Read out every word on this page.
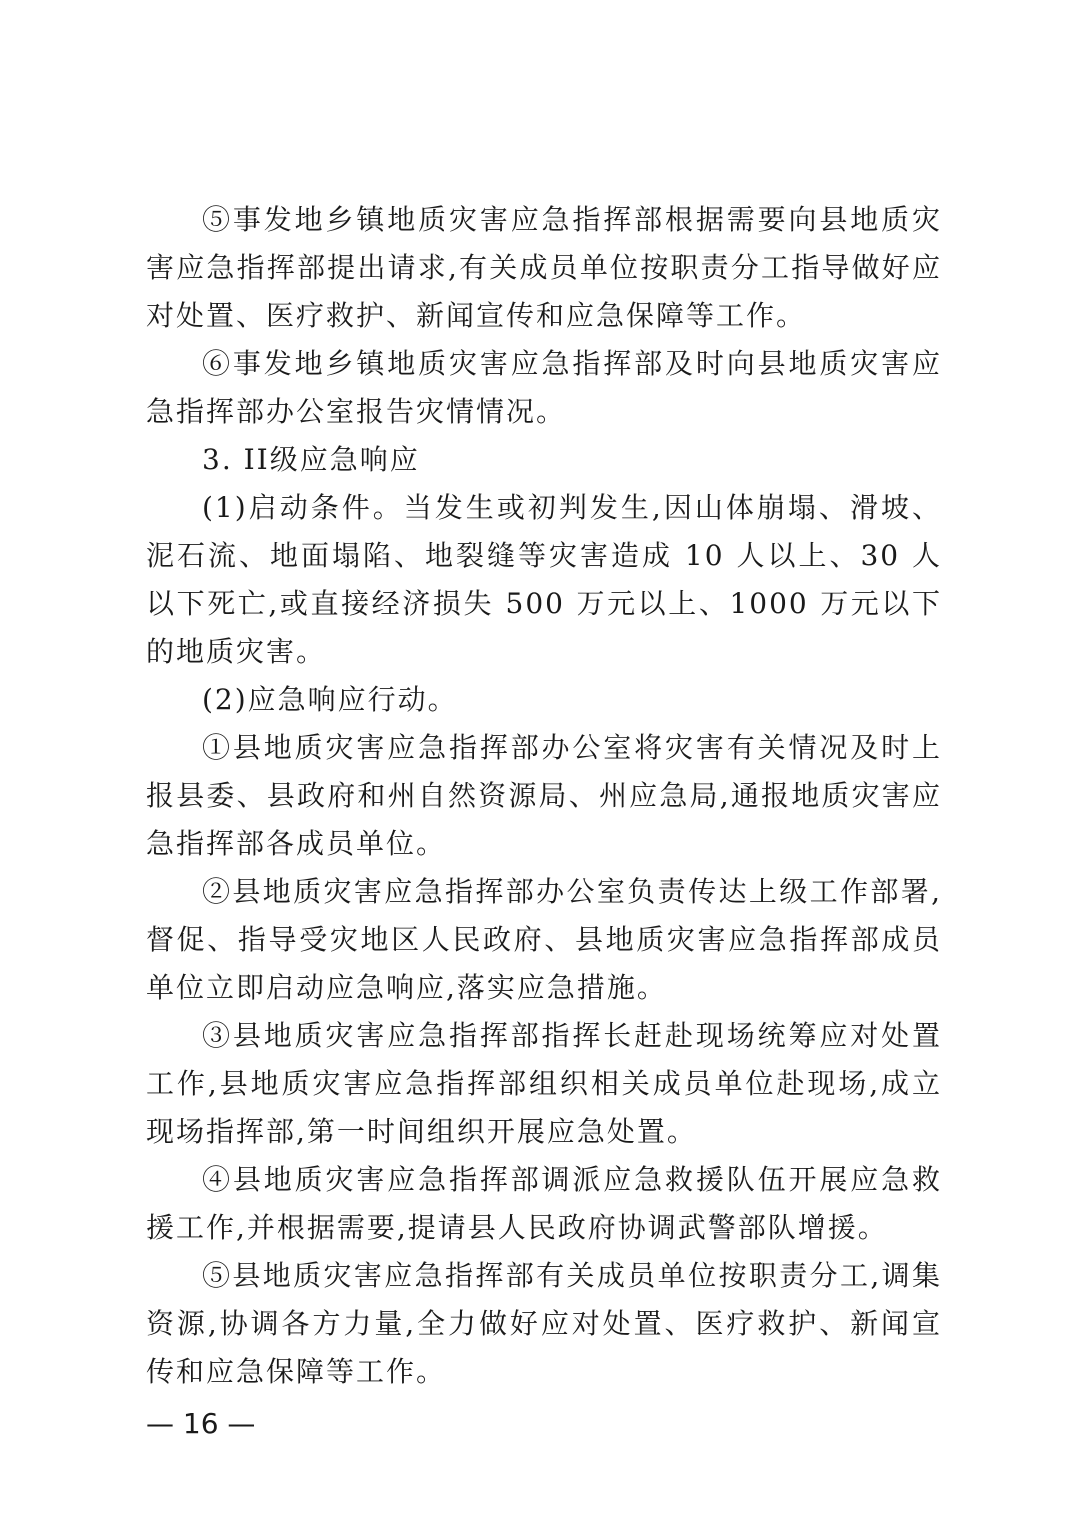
⑤事发地乡镇地质灾害应急指挥部根据需要向县地质灾害应急指挥部提出请求,有关成员单位按职责分工指导做好应对处置、医疗救护、新闻宣传和应急保障等工作。

⑥事发地乡镇地质灾害应急指挥部及时向县地质灾害应急指挥部办公室报告灾情情况。

3. II级应急响应

(1)启动条件。当发生或初判发生,因山体崩塌、滑坡、泥石流、地面塌陷、地裂缝等灾害造成 10 人以上、30 人以下死亡,或直接经济损失 500 万元以上、1000 万元以下的地质灾害。

(2)应急响应行动。

①县地质灾害应急指挥部办公室将灾害有关情况及时上报县委、县政府和州自然资源局、州应急局,通报地质灾害应急指挥部各成员单位。

②县地质灾害应急指挥部办公室负责传达上级工作部署,督促、指导受灾地区人民政府、县地质灾害应急指挥部成员单位立即启动应急响应,落实应急措施。

③县地质灾害应急指挥部指挥长赶赴现场统筹应对处置工作,县地质灾害应急指挥部组织相关成员单位赴现场,成立现场指挥部,第一时间组织开展应急处置。

④县地质灾害应急指挥部调派应急救援队伍开展应急救援工作,并根据需要,提请县人民政府协调武警部队增援。

⑤县地质灾害应急指挥部有关成员单位按职责分工,调集资源,协调各方力量,全力做好应对处置、医疗救护、新闻宣传和应急保障等工作。

— 16 —
